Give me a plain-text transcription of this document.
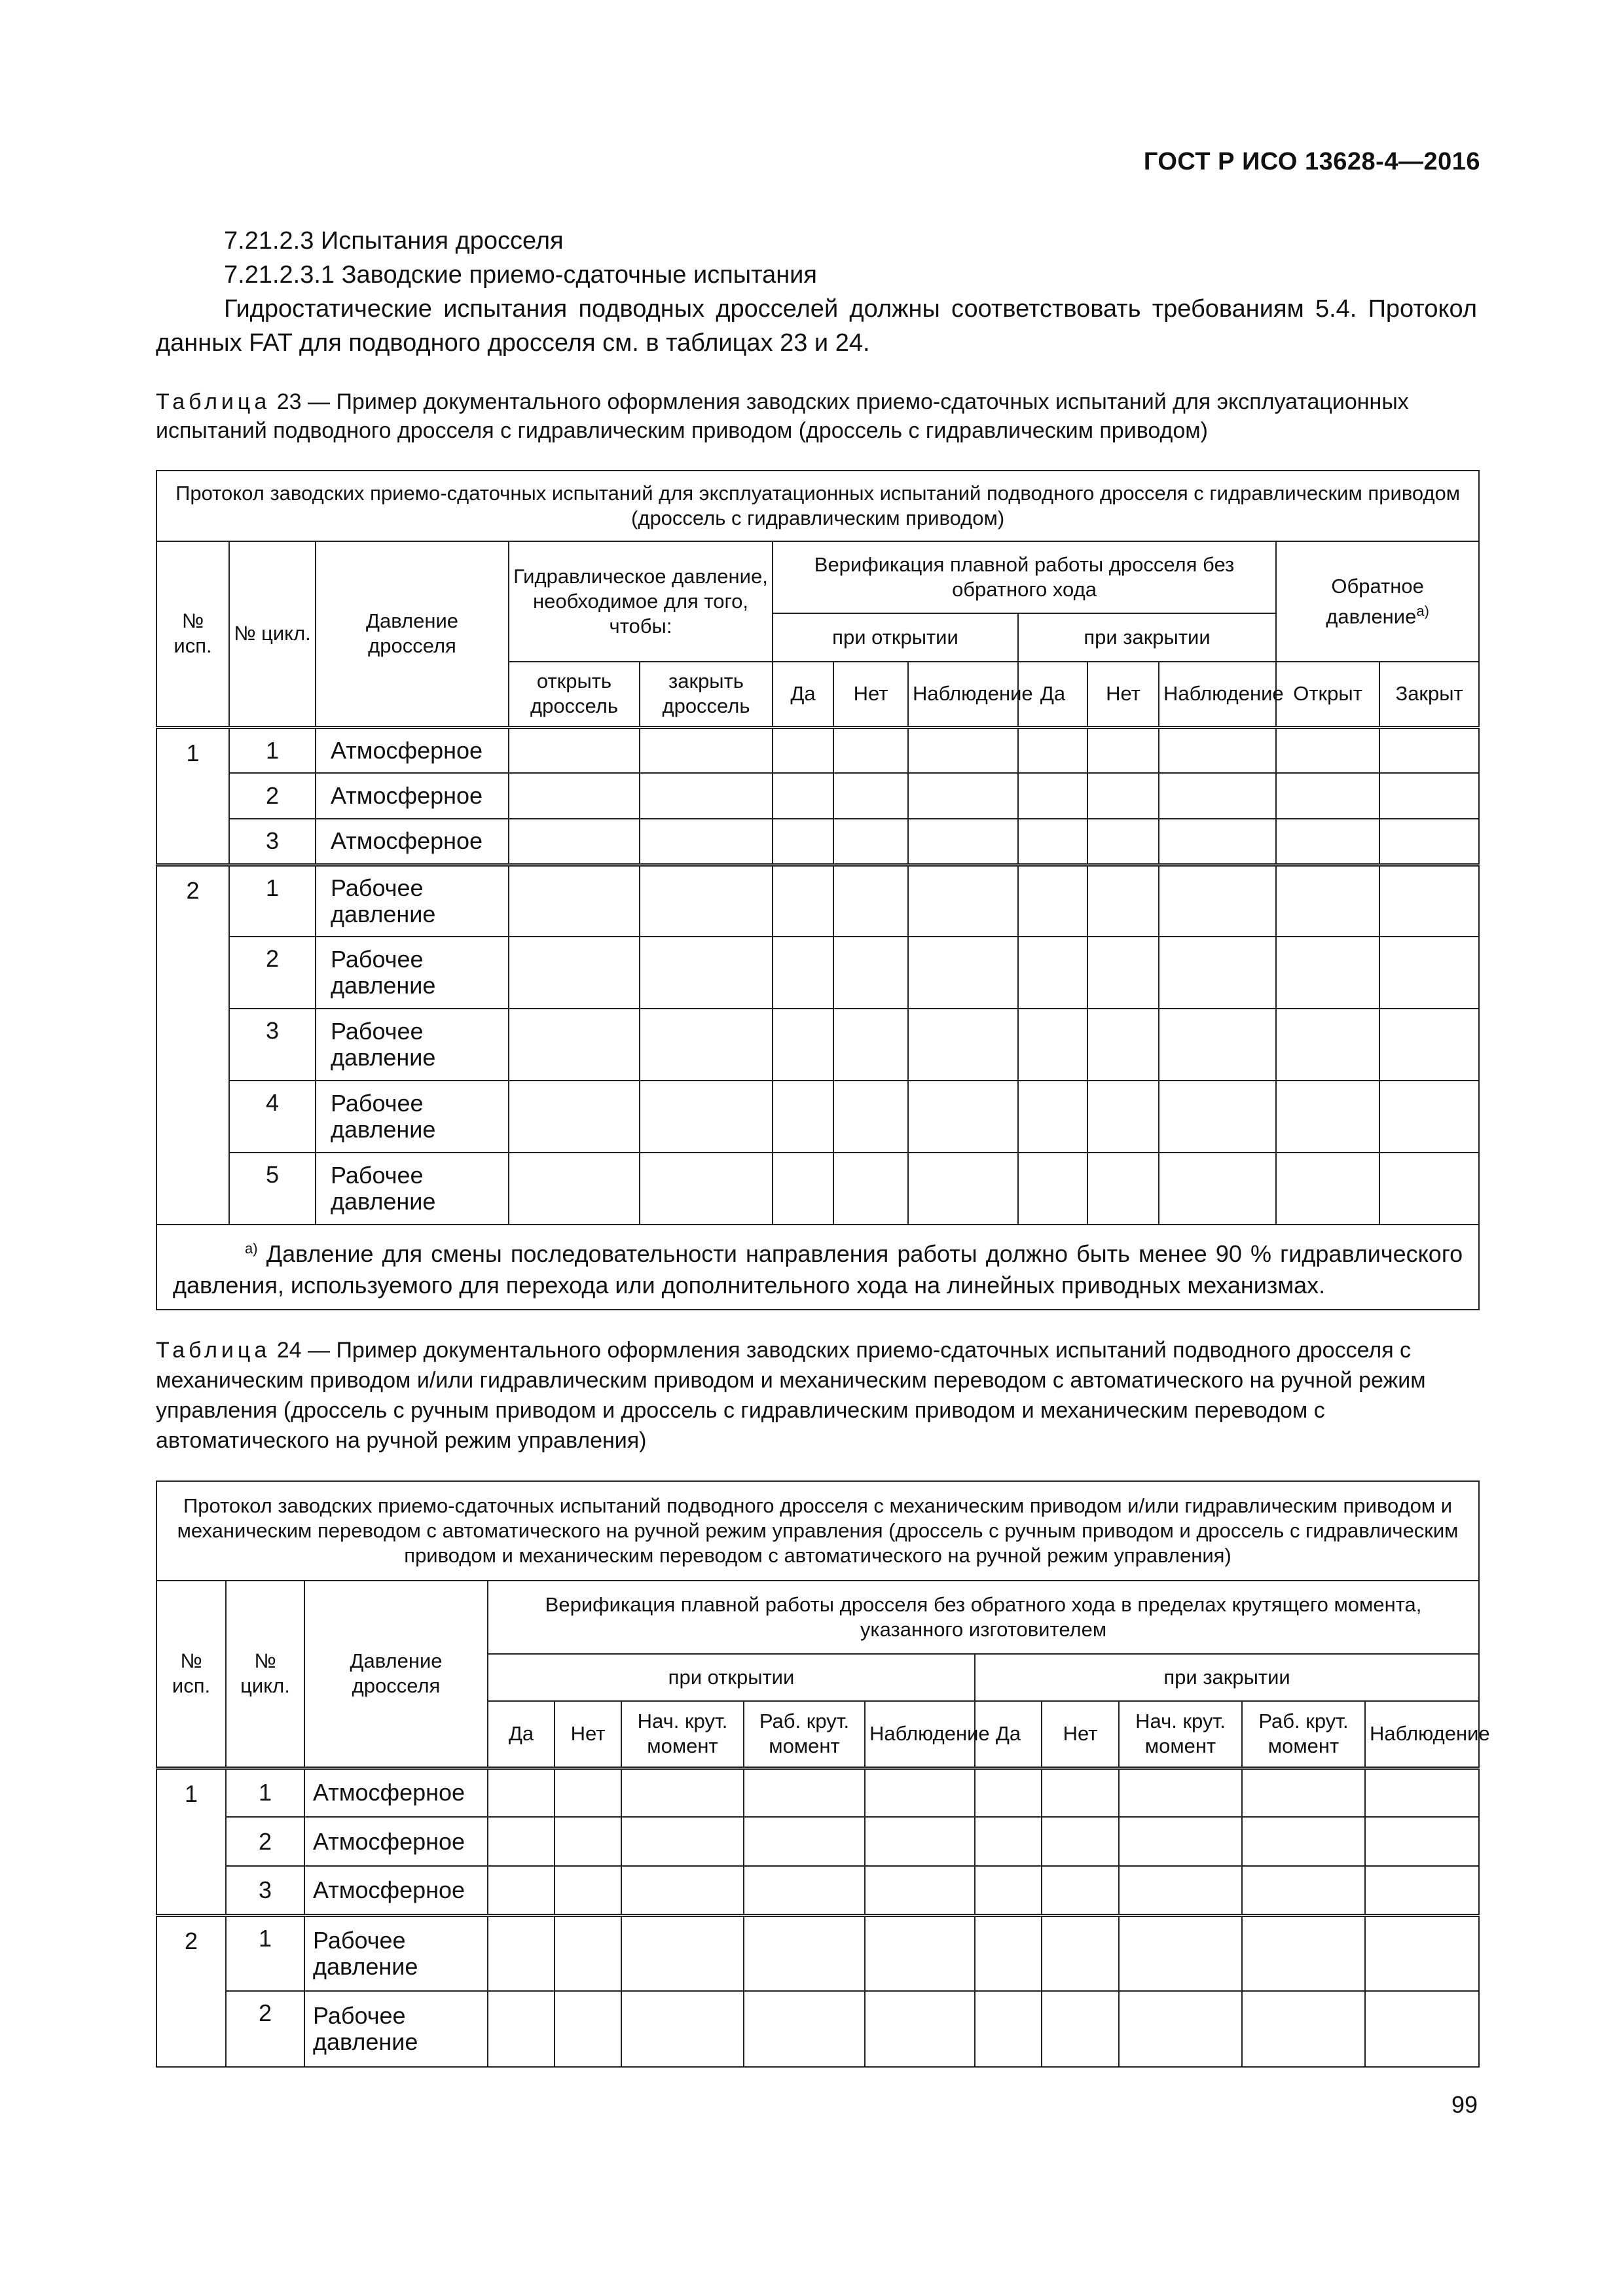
ГОСТ Р ИСО 13628-4—2016
7.21.2.3 Испытания дросселя
7.21.2.3.1 Заводские приемо-сдаточные испытания
Гидростатические испытания подводных дросселей должны соответствовать требованиям 5.4. Протокол данных FAT для подводного дросселя см. в таблицах 23 и 24.
Таблица 23 — Пример документального оформления заводских приемо-сдаточных испытаний для эксплуатационных испытаний подводного дросселя с гидравлическим приводом (дроссель с гидравлическим приводом)
Протокол заводских приемо-сдаточных испытаний для эксплуатационных испытаний подводного дросселя с гидравлическим приводом (дроссель с гидравлическим приводом)												
№ исп.	№ цикл.	Давление дросселя	Гидравлическое давление, необходимое для того, чтобы:		Верификация плавной работы дросселя без обратного хода						Обратное давление$^{a)}$
					при открытии			при закрытии				
			открыть дроссель	закрыть дроссель	Да	Нет	Наблюдение	Да	Нет	Наблюдение	Открыт	Закрыт
1	1	Атмосферное										
	2	Атмосферное										
	3	Атмосферное										
2	1	Рабочее давление										
	2	Рабочее давление										
	3	Рабочее давление										
	4	Рабочее давление										
	5	Рабочее давление										
$^{a)}$ Давление для смены последовательности направления работы должно быть менее 90 % гидравлического давления, используемого для перехода или дополнительного хода на линейных приводных механизмах.												
Таблица 24 — Пример документального оформления заводских приемо-сдаточных испытаний подводного дросселя с механическим приводом и/или гидравлическим приводом и механическим переводом с автоматического на ручной режим управления (дроссель с ручным приводом и дроссель с гидравлическим приводом и механическим переводом с автоматического на ручной режим управления)
Протокол заводских приемо-сдаточных испытаний подводного дросселя с механическим приводом и/или гидравлическим приводом и механическим переводом с автоматического на ручной режим управления (дроссель с ручным приводом и дроссель с гидравлическим приводом и механическим переводом с автоматического на ручной режим управления)												
№ исп.	№ цикл.	Давление дросселя	Верификация плавной работы дросселя без обратного хода в пределах крутящего момента, указанного изготовителем									
			при открытии					при закрытии				
			Да	Нет	Нач. крут. момент	Раб. крут. момент	Наблюдение	Да	Нет	Нач. крут. момент	Раб. крут. момент	Наблюдение
1	1	Атмосферное										
	2	Атмосферное										
	3	Атмосферное										
2	1	Рабочее давление										
	2	Рабочее давление										
99
